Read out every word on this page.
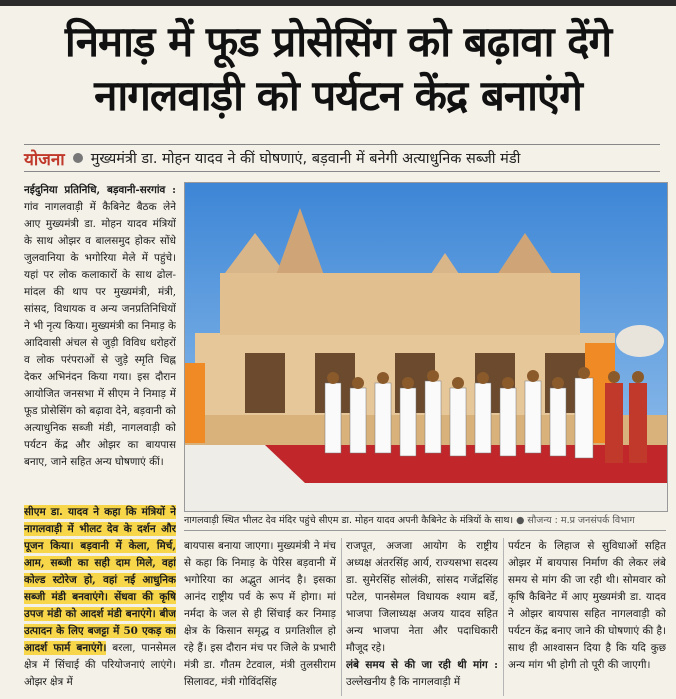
निमाड़ में फूड प्रोसेसिंग को बढ़ावा देंगे
नागलवाड़ी को पर्यटन केंद्र बनाएंगे
योजना मुख्यमंत्री डा. मोहन यादव ने कीं घोषणाएं, बड़वानी में बनेगी अत्याधुनिक सब्जी मंडी
नईदुनिया प्रतिनिधि, बड़वानी-सरगांव : गांव नागलवाड़ी में कैबिनेट बैठक लेने आए मुख्यमंत्री डा. मोहन यादव मंत्रियों के साथ ओझर व बालसमुद होकर सोंधे जुलवानिया के भगोरिया मेले में पहुंचे। यहां पर लोक कलाकारों के साथ ढोल-मांदल की थाप पर मुख्यमंत्री, मंत्री, सांसद, विधायक व अन्य जनप्रतिनिधियों ने भी नृत्य किया। मुख्यमंत्री का निमाड़ के आदिवासी अंचल से जुड़ी विविध धरोहरों व लोक परंपराओं से जुड़े स्मृति चिह्न देकर अभिनंदन किया गया। इस दौरान आयोजित जनसभा में सीएम ने निमाड़ में फूड प्रोसेसिंग को बढ़ावा देने, बड़वानी को अत्याधुनिक सब्जी मंडी, नागलवाड़ी को पर्यटन केंद्र और ओझर का बायपास बनाए, जाने सहित अन्य घोषणाएं कीं।
सीएम डा. यादव ने कहा कि मंत्रियों ने नागलवाड़ी में भीलट देव के दर्शन और पूजन किया। बड़वानी में केला, मिर्च, आम, सब्जी का सही दाम मिले, वहां कोल्ड स्टोरेज हो, वहां नई आधुनिक सब्जी मंडी बनवाएंगे। सेंधवा की कृषि उपज मंडी को आदर्श मंडी बनाएंगे। बीज उत्पादन के लिए बजट्टा में 50 एकड़ का आदर्श फार्म बनाएंगे। बरला, पानसेमल क्षेत्र में सिंचाई की परियोजनाएं लाएंगे। ओझर क्षेत्र में
नागलवाड़ी स्थित भीलट देव मंदिर पहुंचे सीएम डा. मोहन यादव अपनी कैबिनेट के मंत्रियों के साथ। ● सौजन्य : म.प्र जनसंपर्क विभाग
बायपास बनाया जाएगा। मुख्यमंत्री ने मंच से कहा कि निमाड़ के पेरिस बड़वानी में भगोरिया का अद्भुत आनंद है। इसका आनंद राष्ट्रीय पर्व के रूप में होगा। मां नर्मदा के जल से ही सिंचाई कर निमाड़ क्षेत्र के किसान समृद्ध व प्रगतिशील हो रहे हैं। इस दौरान मंच पर जिले के प्रभारी मंत्री डा. गौतम टेटवाल, मंत्री तुलसीराम सिलावट, मंत्री गोविंदसिंह
राजपूत, अजजा आयोग के राष्ट्रीय अध्यक्ष अंतरसिंह आर्य, राज्यसभा सदस्य डा. सुमेरसिंह सोलंकी, सांसद गजेंद्रसिंह पटेल, पानसेमल विधायक श्याम बर्डे, भाजपा जिलाध्यक्ष अजय यादव सहित अन्य भाजपा नेता और पदाधिकारी मौजूद रहे।
लंबे समय से की जा रही थी मांग : उल्लेखनीय है कि नागलवाड़ी में
पर्यटन के लिहाज से सुविधाओं सहित ओझर में बायपास निर्माण की लेकर लंबे समय से मांग की जा रही थी। सोमवार को कृषि कैबिनेट में आए मुख्यमंत्री डा. यादव ने ओझर बायपास सहित नागलवाड़ी को पर्यटन केंद्र बनाए जाने की घोषणाएं की है। साथ ही आश्वासन दिया है कि यदि कुछ अन्य मांग भी होगी तो पूरी की जाएगी।
